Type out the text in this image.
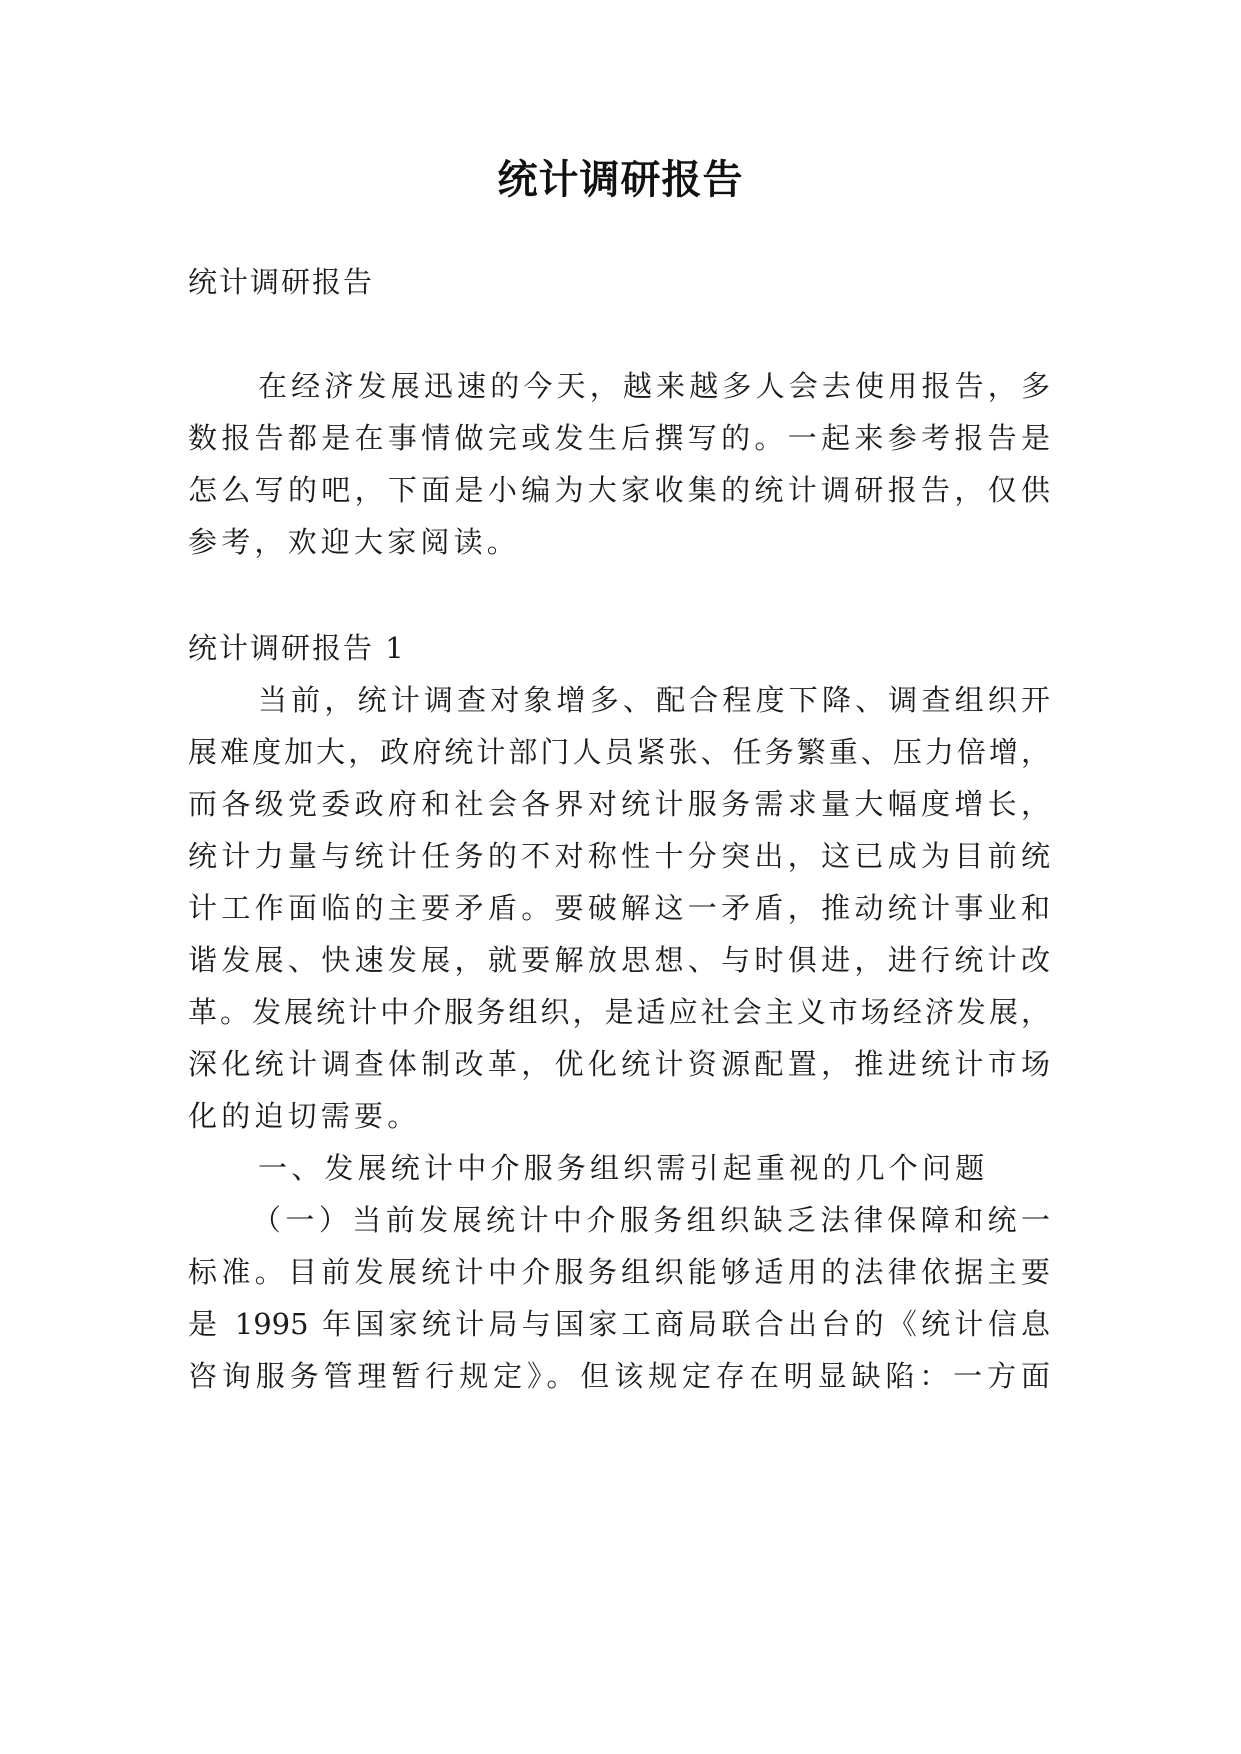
统计调研报告
统计调研报告
在经济发展迅速的今天，越来越多人会去使用报告，多
数报告都是在事情做完或发生后撰写的。一起来参考报告是
怎么写的吧，下面是小编为大家收集的统计调研报告，仅供
参考，欢迎大家阅读。
统计调研报告 1
当前，统计调查对象增多、配合程度下降、调查组织开
展难度加大，政府统计部门人员紧张、任务繁重、压力倍增，
而各级党委政府和社会各界对统计服务需求量大幅度增长，
统计力量与统计任务的不对称性十分突出，这已成为目前统
计工作面临的主要矛盾。要破解这一矛盾，推动统计事业和
谐发展、快速发展，就要解放思想、与时俱进，进行统计改
革。发展统计中介服务组织，是适应社会主义市场经济发展，
深化统计调查体制改革，优化统计资源配置，推进统计市场
化的迫切需要。
一、发展统计中介服务组织需引起重视的几个问题
（一）当前发展统计中介服务组织缺乏法律保障和统一
标准。目前发展统计中介服务组织能够适用的法律依据主要
是 1995 年国家统计局与国家工商局联合出台的《统计信息
咨询服务管理暂行规定》。但该规定存在明显缺陷：一方面
